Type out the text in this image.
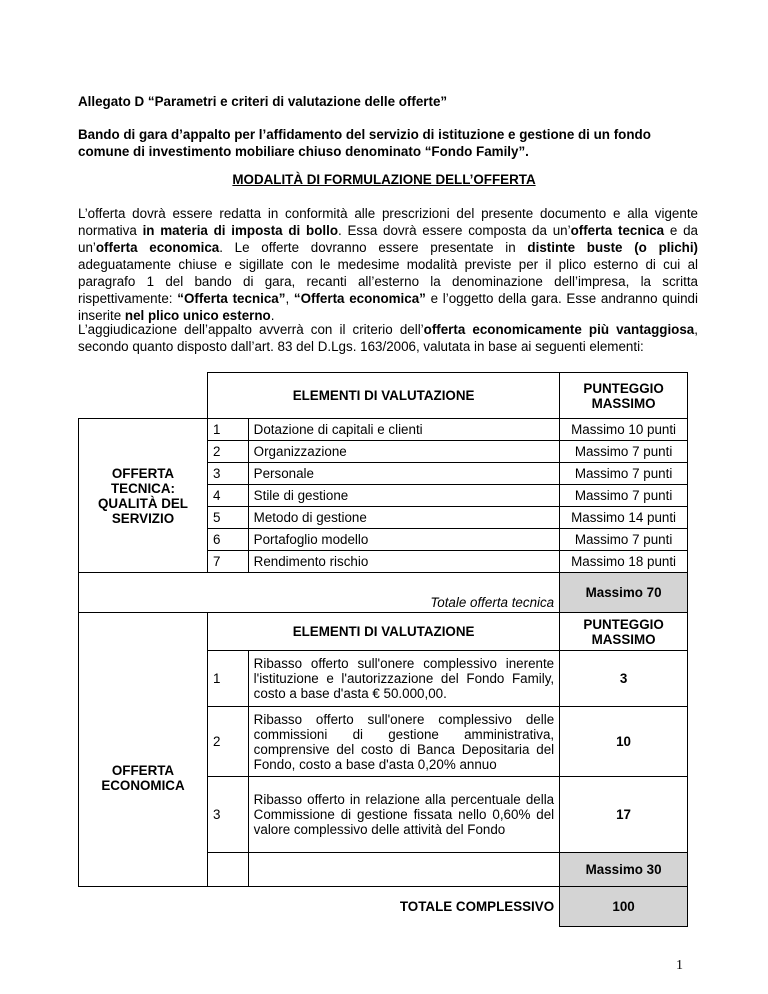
Allegato D “Parametri e criteri di valutazione delle offerte”

Bando di gara d’appalto per l’affidamento del servizio di istituzione e gestione di un fondo comune di investimento mobiliare chiuso denominato “Fondo Family”.

MODALITÀ DI FORMULAZIONE DELL’OFFERTA

L’offerta dovrà essere redatta in conformità alle prescrizioni del presente documento e alla vigente normativa in materia di imposta di bollo. Essa dovrà essere composta da un’offerta tecnica e da un’offerta economica. Le offerte dovranno essere presentate in distinte buste (o plichi) adeguatamente chiuse e sigillate con le medesime modalità previste per il plico esterno di cui al paragrafo 1 del bando di gara, recanti all’esterno la denominazione dell’impresa, la scritta rispettivamente: “Offerta tecnica”, “Offerta economica” e l’oggetto della gara. Esse andranno quindi inserite nel plico unico esterno.

L’aggiudicazione dell’appalto avverrà con il criterio dell’offerta economicamente più vantaggiosa, secondo quanto disposto dall’art. 83 del D.Lgs. 163/2006, valutata in base ai seguenti elementi:

	ELEMENTI DI VALUTAZIONE		PUNTEGGIO MASSIMO
OFFERTA TECNICA: QUALITÀ DEL SERVIZIO	1	Dotazione di capitali e clienti	Massimo 10 punti
	2	Organizzazione	Massimo 7 punti
	3	Personale	Massimo 7 punti
	4	Stile di gestione	Massimo 7 punti
	5	Metodo di gestione	Massimo 14 punti
	6	Portafoglio modello	Massimo 7 punti
	7	Rendimento rischio	Massimo 18 punti
Totale offerta tecnica			Massimo 70
OFFERTA ECONOMICA	ELEMENTI DI VALUTAZIONE		PUNTEGGIO MASSIMO
	1	Ribasso offerto sull'onere complessivo inerente l'istituzione e l'autorizzazione del Fondo Family, costo a base d'asta € 50.000,00.	3
	2	Ribasso offerto sull'onere complessivo delle commissioni di gestione amministrativa, comprensive del costo di Banca Depositaria del Fondo, costo a base d'asta 0,20% annuo	10
	3	Ribasso offerto in relazione alla percentuale della Commissione di gestione fissata nello 0,60% del valore complessivo delle attività del Fondo	17
			Massimo 30
TOTALE COMPLESSIVO			100
1
